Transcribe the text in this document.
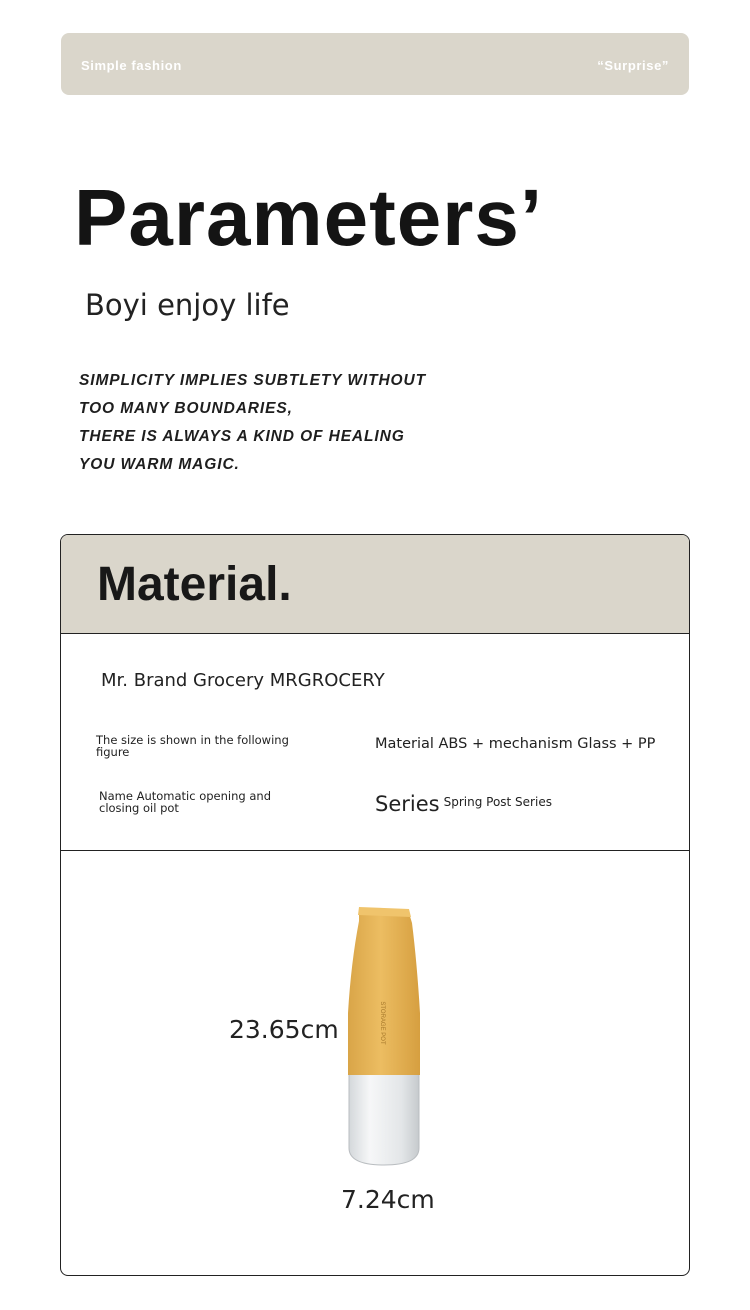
Simple fashion	“Surprise”
Parameters’
Boyi enjoy life
SIMPLICITY IMPLIES SUBTLETY WITHOUT
TOO MANY BOUNDARIES,
THERE IS ALWAYS A KIND OF HEALING
YOU WARM MAGIC.
Material.
Mr. Brand Grocery MRGROCERY
The size is shown in the following figure	Material ABS + mechanism Glass + PP
Name Automatic opening and closing oil pot	Series $^{Spring Post Series}$
23.65cm	STORAGE POT
7.24cm
